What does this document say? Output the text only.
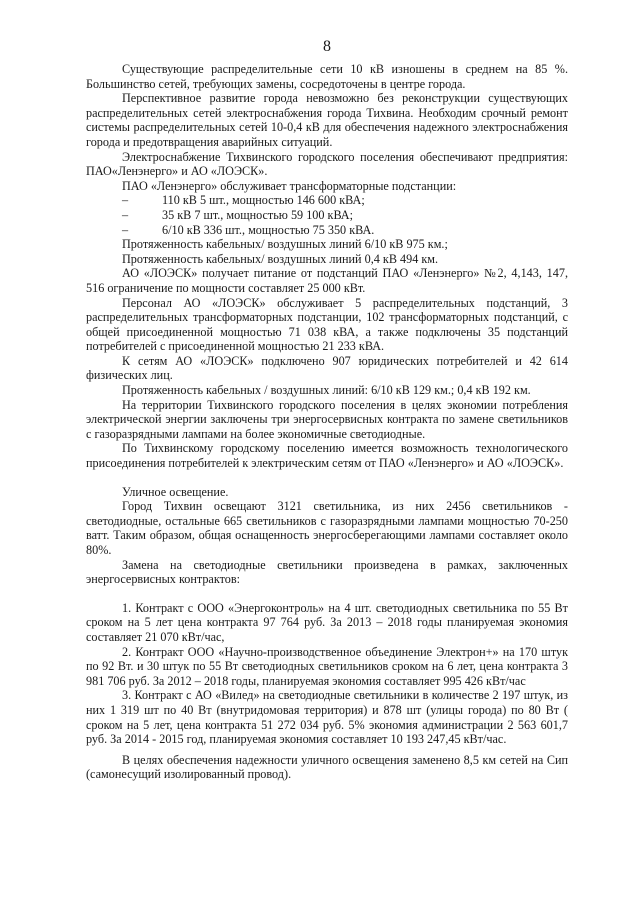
8

Существующие распределительные сети 10 кВ изношены в среднем на 85 %. Большинство сетей, требующих замены, сосредоточены в центре города.

Перспективное развитие города невозможно без реконструкции существующих распределительных сетей электроснабжения города Тихвина. Необходим срочный ремонт системы распределительных сетей 10-0,4 кВ для обеспечения надежного электроснабжения города и предотвращения аварийных ситуаций.

Электроснабжение Тихвинского городского поселения обеспечивают предприятия: ПАО«Ленэнерго» и АО «ЛОЭСК».

ПАО «Ленэнерго» обслуживает трансформаторные подстанции:

–	110 кВ 5 шт., мощностью 146 600 кВА;

–	35 кВ 7 шт., мощностью 59 100 кВА;

–	6/10 кВ 336 шт., мощностью 75 350 кВА.

Протяженность кабельных/ воздушных линий 6/10 кВ 975 км.;

Протяженность кабельных/ воздушных линий 0,4 кВ 494 км.

АО «ЛОЭСК» получает питание от подстанций ПАО «Ленэнерго» №2, 4,143, 147, 516 ограничение по мощности составляет 25 000 кВт.

Персонал АО «ЛОЭСК» обслуживает 5 распределительных подстанций, 3 распределительных трансформаторных подстанции, 102 трансформаторных подстанций, с общей присоединенной мощностью 71 038 кВА, а также подключены 35 подстанций потребителей с присоединенной мощностью 21 233 кВА.

К сетям АО «ЛОЭСК» подключено 907 юридических потребителей и 42 614 физических лиц.

Протяженность кабельных / воздушных линий: 6/10 кВ 129 км.; 0,4 кВ 192 км.

На территории Тихвинского городского поселения в целях экономии потребления электрической энергии заключены три энергосервисных контракта по замене светильников с газоразрядными лампами на более экономичные светодиодные.

По Тихвинскому городскому поселению имеется возможность технологического присоединения потребителей к электрическим сетям от ПАО «Ленэнерго» и АО «ЛОЭСК».

Уличное освещение.

Город Тихвин освещают 3121 светильника, из них 2456 светильников - светодиодные, остальные 665 светильников с газоразрядными лампами мощностью 70-250 ватт. Таким образом, общая оснащенность энергосберегающими лампами составляет около 80%.

Замена на светодиодные светильники произведена в рамках, заключенных энергосервисных контрактов:

1. Контракт с ООО «Энергоконтроль» на 4 шт. светодиодных светильника по 55 Вт сроком на 5 лет цена контракта 97 764 руб. За 2013 – 2018 годы планируемая экономия составляет 21 070 кВт/час,

2. Контракт ООО «Научно-производственное объединение Электрон+» на 170 штук по 92 Вт. и 30 штук по 55 Вт светодиодных светильников сроком на 6 лет, цена контракта 3 981 706 руб. За 2012 – 2018 годы, планируемая экономия составляет 995 426 кВт/час

3. Контракт с АО «Вилед» на светодиодные светильники в количестве 2 197 штук, из них 1 319 шт по 40 Вт (внутридомовая территория) и 878 шт (улицы города) по 80 Вт ( сроком на 5 лет, цена контракта 51 272 034 руб. 5% экономия администрации 2 563 601,7 руб. За 2014 - 2015 год, планируемая экономия составляет 10 193 247,45 кВт/час.

В целях обеспечения надежности уличного освещения заменено 8,5 км сетей на Сип (самонесущий изолированный провод).
